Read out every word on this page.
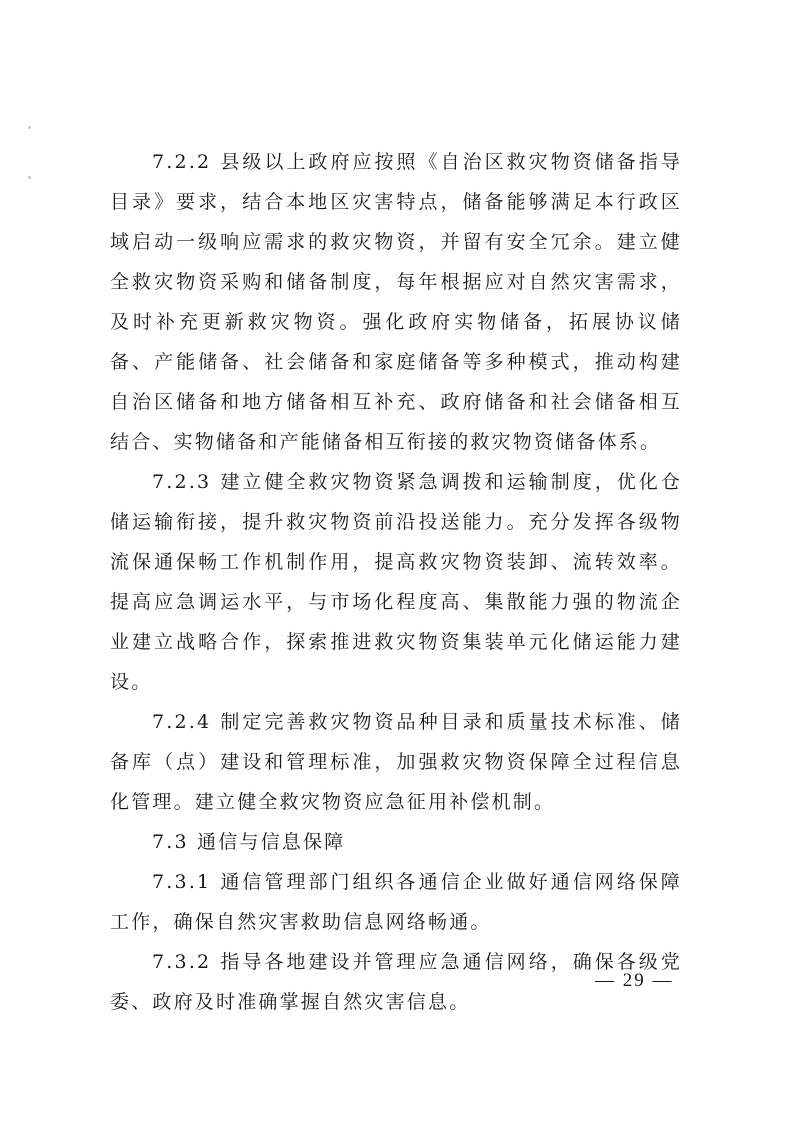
7.2.2 县级以上政府应按照《自治区救灾物资储备指导目录》要求，结合本地区灾害特点，储备能够满足本行政区域启动一级响应需求的救灾物资，并留有安全冗余。建立健全救灾物资采购和储备制度，每年根据应对自然灾害需求，及时补充更新救灾物资。强化政府实物储备，拓展协议储备、产能储备、社会储备和家庭储备等多种模式，推动构建自治区储备和地方储备相互补充、政府储备和社会储备相互结合、实物储备和产能储备相互衔接的救灾物资储备体系。

7.2.3 建立健全救灾物资紧急调拨和运输制度，优化仓储运输衔接，提升救灾物资前沿投送能力。充分发挥各级物流保通保畅工作机制作用，提高救灾物资装卸、流转效率。提高应急调运水平，与市场化程度高、集散能力强的物流企业建立战略合作，探索推进救灾物资集装单元化储运能力建设。

7.2.4 制定完善救灾物资品种目录和质量技术标准、储备库（点）建设和管理标准，加强救灾物资保障全过程信息化管理。建立健全救灾物资应急征用补偿机制。

7.3 通信与信息保障

7.3.1 通信管理部门组织各通信企业做好通信网络保障工作，确保自然灾害救助信息网络畅通。

7.3.2 指导各地建设并管理应急通信网络，确保各级党委、政府及时准确掌握自然灾害信息。

— 29 —
